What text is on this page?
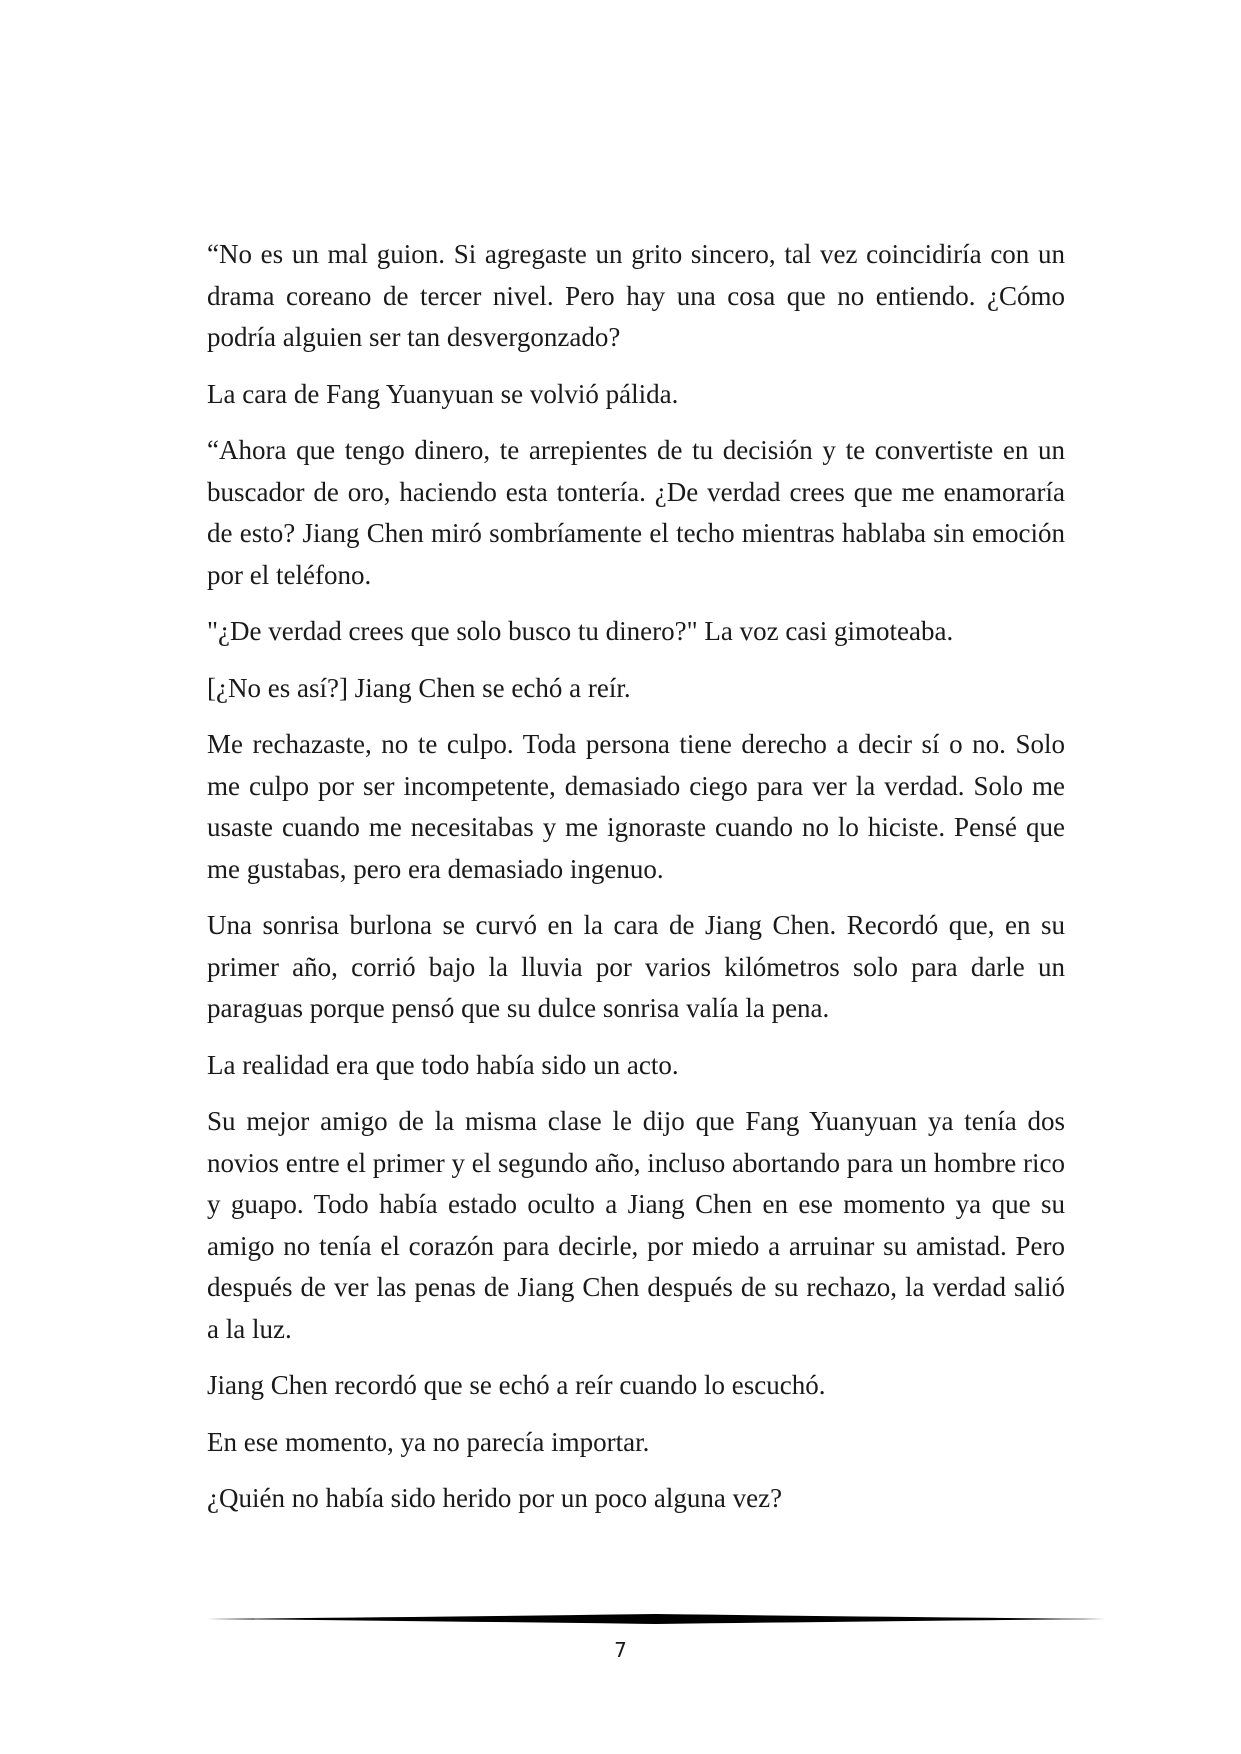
“No es un mal guion. Si agregaste un grito sincero, tal vez coincidiría con un drama coreano de tercer nivel. Pero hay una cosa que no entiendo. ¿Cómo podría alguien ser tan desvergonzado?

La cara de Fang Yuanyuan se volvió pálida.

“Ahora que tengo dinero, te arrepientes de tu decisión y te convertiste en un buscador de oro, haciendo esta tontería. ¿De verdad crees que me enamoraría de esto? Jiang Chen miró sombríamente el techo mientras hablaba sin emoción por el teléfono.

"¿De verdad crees que solo busco tu dinero?" La voz casi gimoteaba.

[¿No es así?] Jiang Chen se echó a reír.

Me rechazaste, no te culpo. Toda persona tiene derecho a decir sí o no. Solo me culpo por ser incompetente, demasiado ciego para ver la verdad. Solo me usaste cuando me necesitabas y me ignoraste cuando no lo hiciste. Pensé que me gustabas, pero era demasiado ingenuo.

Una sonrisa burlona se curvó en la cara de Jiang Chen. Recordó que, en su primer año, corrió bajo la lluvia por varios kilómetros solo para darle un paraguas porque pensó que su dulce sonrisa valía la pena.

La realidad era que todo había sido un acto.

Su mejor amigo de la misma clase le dijo que Fang Yuanyuan ya tenía dos novios entre el primer y el segundo año, incluso abortando para un hombre rico y guapo. Todo había estado oculto a Jiang Chen en ese momento ya que su amigo no tenía el corazón para decirle, por miedo a arruinar su amistad. Pero después de ver las penas de Jiang Chen después de su rechazo, la verdad salió a la luz.

Jiang Chen recordó que se echó a reír cuando lo escuchó.

En ese momento, ya no parecía importar.

¿Quién no había sido herido por un poco alguna vez?

7
